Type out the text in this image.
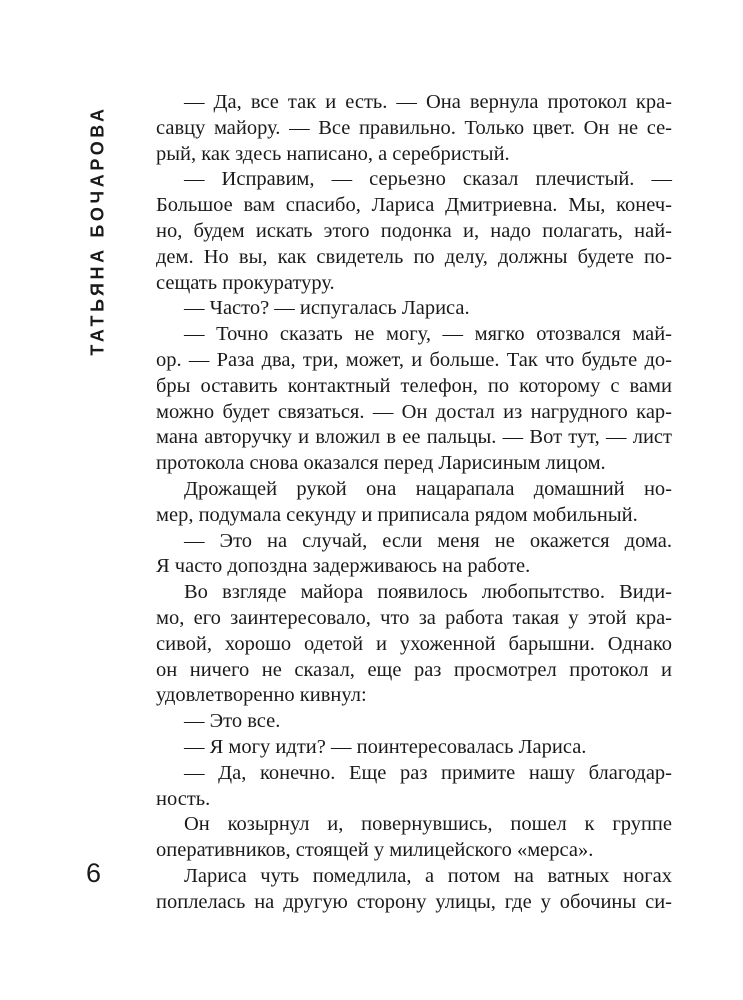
ТАТЬЯНА БОЧАРОВА
— Да, все так и есть. — Она вернула протокол кра-
савцу майору. — Все правильно. Только цвет. Он не се-
рый, как здесь написано, а серебристый.
— Исправим, — серьезно сказал плечистый. —
Большое вам спасибо, Лариса Дмитриевна. Мы, конеч-
но, будем искать этого подонка и, надо полагать, най-
дем. Но вы, как свидетель по делу, должны будете по-
сещать прокуратуру.
— Часто? — испугалась Лариса.
— Точно сказать не могу, — мягко отозвался май-
ор. — Раза два, три, может, и больше. Так что будьте до-
бры оставить контактный телефон, по которому с вами
можно будет связаться. — Он достал из нагрудного кар-
мана авторучку и вложил в ее пальцы. — Вот тут, — лист
протокола снова оказался перед Ларисиным лицом.
Дрожащей рукой она нацарапала домашний но-
мер, подумала секунду и приписала рядом мобильный.
— Это на случай, если меня не окажется дома.
Я часто допоздна задерживаюсь на работе.
Во взгляде майора появилось любопытство. Види-
мо, его заинтересовало, что за работа такая у этой кра-
сивой, хорошо одетой и ухоженной барышни. Однако
он ничего не сказал, еще раз просмотрел протокол и
удовлетворенно кивнул:
— Это все.
— Я могу идти? — поинтересовалась Лариса.
— Да, конечно. Еще раз примите нашу благодар-
ность.
Он козырнул и, повернувшись, пошел к группе
оперативников, стоящей у милицейского «мерса».
Лариса чуть помедлила, а потом на ватных ногах
поплелась на другую сторону улицы, где у обочины си-
6
